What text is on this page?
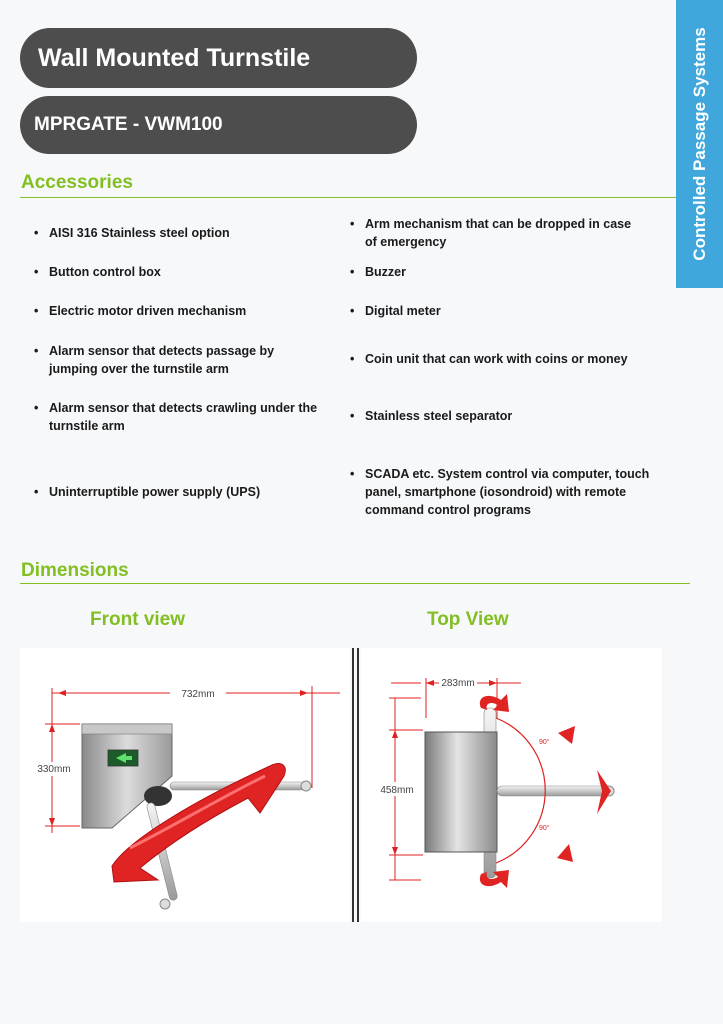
Wall Mounted Turnstile
MPRGATE - VWM100	Controlled Passage Systems
Accessories
• AISI 316 Stainless steel option
• Button control box
• Electric motor driven mechanism
• Alarm sensor that detects passage by jumping over the turnstile arm
• Alarm sensor that detects crawling under the turnstile arm
• Uninterruptible power supply (UPS)
• Arm mechanism that can be dropped in case of emergency
• Buzzer
• Digital meter
• Coin unit that can work with coins or money
• Stainless steel separator
• SCADA etc. System control via computer, touch panel, smartphone (iosondroid) with remote command control programs
Dimensions
Front view	Top View
732mm
330mm
283mm
458mm
90°
90°
